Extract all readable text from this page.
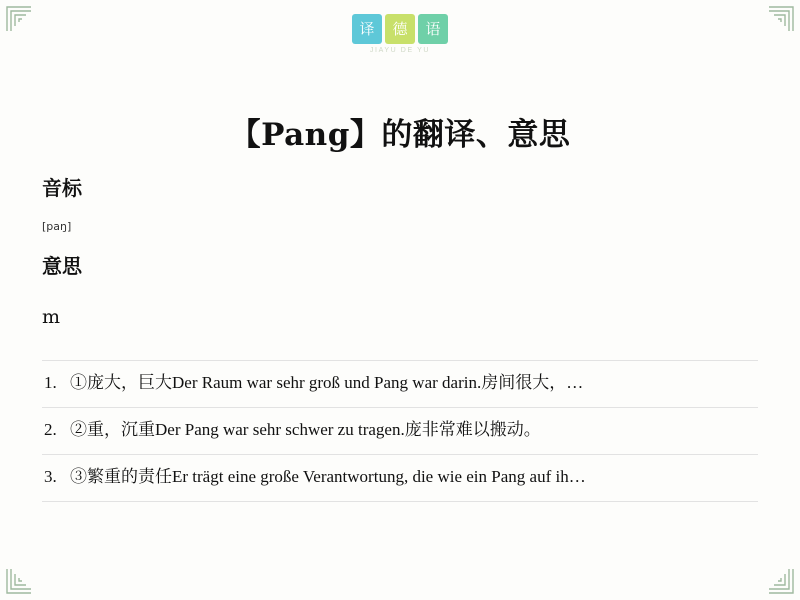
译	德	语
JIAYU DE YU
【Pang】的翻译、意思
音标
[paŋ]
意思
m
1. ①庞大，巨大Der Raum war sehr groß und Pang war darin.房间很大，…
2. ②重，沉重Der Pang war sehr schwer zu tragen.庞非常难以搬动。
3. ③繁重的责任Er trägt eine große Verantwortung, die wie ein Pang auf ih…
